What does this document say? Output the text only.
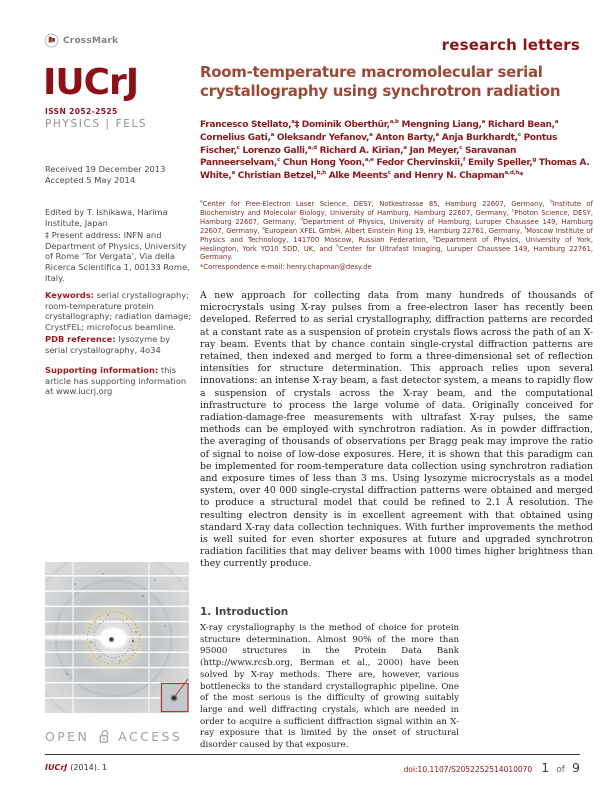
CrossMark	research letters
IUCrJ
ISSN 2052-2525
PHYSICS | FELS
Received 19 December 2013
Accepted 5 May 2014
Edited by T. Ishikawa, Harima Institute, Japan
‡ Present address: INFN and Department of Physics, University of Rome ‘Tor Vergata’, Via della Ricerca Scientifica 1, 00133 Rome, Italy.
Keywords: serial crystallography; room-temperature protein crystallography; radiation damage; CrystFEL; microfocus beamline.
PDB reference: lysozyme by serial crystallography, 4o34
Supporting information: this article has supporting information at www.iucrj.org
OPEN ACCESS
Room-temperature macromolecular serial crystallography using synchrotron radiation
Francesco Stellato,$^a$‡ Dominik Oberthür,$^{a,b}$ Mengning Liang,$^a$ Richard Bean,$^a$ Cornelius Gati,$^a$ Oleksandr Yefanov,$^a$ Anton Barty,$^a$ Anja Burkhardt,$^c$ Pontus Fischer,$^c$ Lorenzo Galli,$^{a,d}$ Richard A. Kirian,$^a$ Jan Meyer,$^c$ Saravanan Panneerselvam,$^c$ Chun Hong Yoon,$^{a,e}$ Fedor Chervinskii,$^f$ Emily Speller,$^g$ Thomas A. White,$^a$ Christian Betzel,$^{b,h}$ Alke Meents$^c$ and Henry N. Chapman$^{a,d,h}$*
$^a$Center for Free-Electron Laser Science, DESY, Notkestrasse 85, Hamburg 22607, Germany, $^b$Institute of Biochemistry and Molecular Biology, University of Hamburg, Hamburg 22607, Germany, $^c$Photon Science, DESY, Hamburg 22607, Germany, $^d$Department of Physics, University of Hamburg, Luruper Chaussee 149, Hamburg 22607, Germany, $^e$European XFEL GmbH, Albert Einstein Ring 19, Hamburg 22761, Germany, $^f$Moscow Institute of Physics and Technology, 141700 Moscow, Russian Federation, $^g$Department of Physics, University of York, Heslington, York YO10 5DD, UK, and $^h$Center for Ultrafast Imaging, Luruper Chaussee 149, Hamburg 22761, Germany.
*Correspondence e-mail: henry.chapman@desy.de
A new approach for collecting data from many hundreds of thousands of microcrystals using X-ray pulses from a free-electron laser has recently been developed. Referred to as serial crystallography, diffraction patterns are recorded at a constant rate as a suspension of protein crystals flows across the path of an X-ray beam. Events that by chance contain single-crystal diffraction patterns are retained, then indexed and merged to form a three-dimensional set of reflection intensities for structure determination. This approach relies upon several innovations: an intense X-ray beam, a fast detector system, a means to rapidly flow a suspension of crystals across the X-ray beam, and the computational infrastructure to process the large volume of data. Originally conceived for radiation-damage-free measurements with ultrafast X-ray pulses, the same methods can be employed with synchrotron radiation. As in powder diffraction, the averaging of thousands of observations per Bragg peak may improve the ratio of signal to noise of low-dose exposures. Here, it is shown that this paradigm can be implemented for room-temperature data collection using synchrotron radiation and exposure times of less than 3 ms. Using lysozyme microcrystals as a model system, over 40 000 single-crystal diffraction patterns were obtained and merged to produce a structural model that could be refined to 2.1 Å resolution. The resulting electron density is in excellent agreement with that obtained using standard X-ray data collection techniques. With further improvements the method is well suited for even shorter exposures at future and upgraded synchrotron radiation facilities that may deliver beams with 1000 times higher brightness than they currently produce.
1. Introduction
X-ray crystallography is the method of choice for protein structure determination. Almost 90% of the more than 95000 structures in the Protein Data Bank (http://www.rcsb.org, Berman et al., 2000) have been solved by X-ray methods. There are, however, various bottlenecks to the standard crystallographic pipeline. One of the most serious is the difficulty of growing suitably large and well diffracting crystals, which are needed in order to acquire a sufficient diffraction signal within an X-ray exposure that is limited by the onset of structural disorder caused by that exposure.
IUCrJ (2014). 1	doi:10.1107/S2052252514010070 1 of 9
